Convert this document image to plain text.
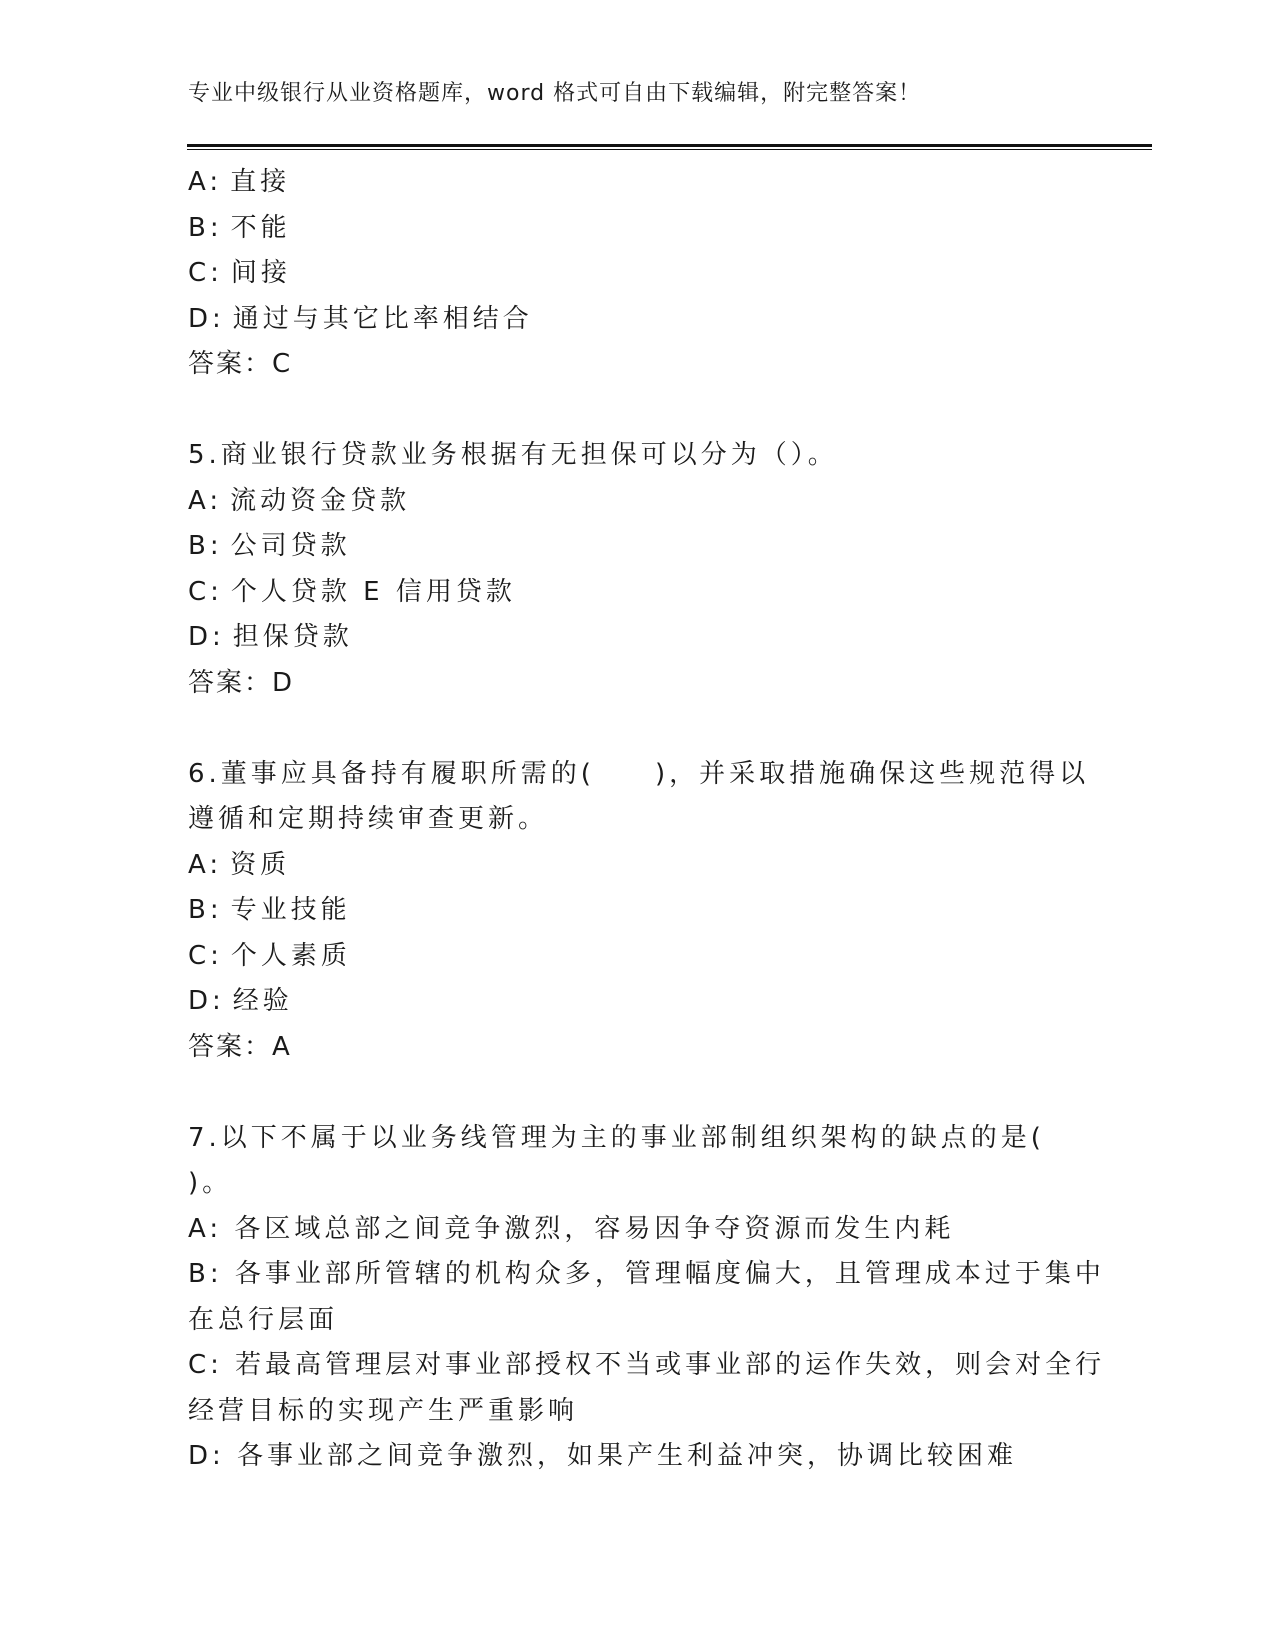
专业中级银行从业资格题库，word 格式可自由下载编辑，附完整答案！
A: 直接
B: 不能
C: 间接
D: 通过与其它比率相结合
答案：C
5.商业银行贷款业务根据有无担保可以分为（）。
A: 流动资金贷款
B: 公司贷款
C: 个人贷款 E 信用贷款
D: 担保贷款
答案：D
6.董事应具备持有履职所需的(　　)，并采取措施确保这些规范得以
遵循和定期持续审查更新。
A: 资质
B: 专业技能
C: 个人素质
D: 经验
答案：A
7.以下不属于以业务线管理为主的事业部制组织架构的缺点的是(
)。
A: 各区域总部之间竞争激烈，容易因争夺资源而发生内耗
B: 各事业部所管辖的机构众多，管理幅度偏大，且管理成本过于集中
在总行层面
C: 若最高管理层对事业部授权不当或事业部的运作失效，则会对全行
经营目标的实现产生严重影响
D: 各事业部之间竞争激烈，如果产生利益冲突，协调比较困难
